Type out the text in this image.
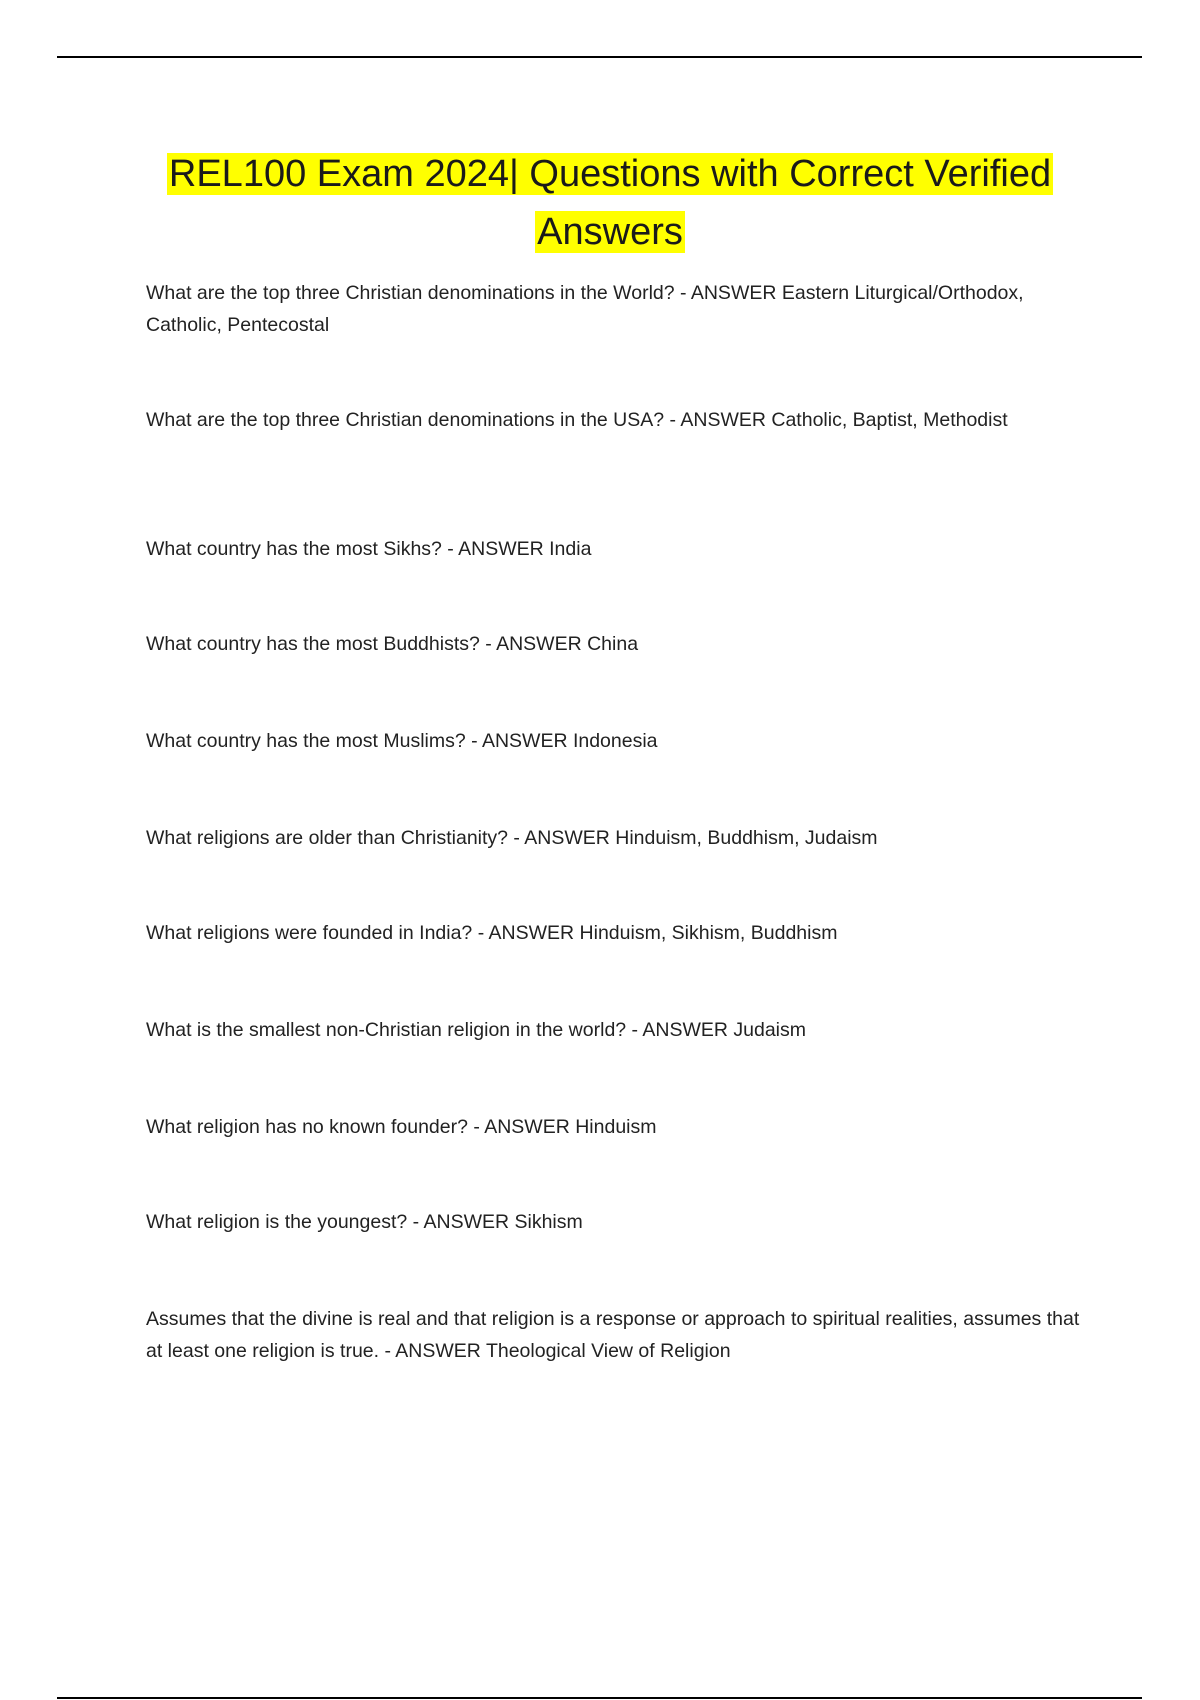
REL100 Exam 2024| Questions with Correct Verified Answers

What are the top three Christian denominations in the World? - ANSWER Eastern Liturgical/Orthodox, Catholic, Pentecostal

What are the top three Christian denominations in the USA? - ANSWER Catholic, Baptist, Methodist

What country has the most Sikhs? - ANSWER India

What country has the most Buddhists? - ANSWER China

What country has the most Muslims? - ANSWER Indonesia

What religions are older than Christianity? - ANSWER Hinduism, Buddhism, Judaism

What religions were founded in India? - ANSWER Hinduism, Sikhism, Buddhism

What is the smallest non-Christian religion in the world? - ANSWER Judaism

What religion has no known founder? - ANSWER Hinduism

What religion is the youngest? - ANSWER Sikhism

Assumes that the divine is real and that religion is a response or approach to spiritual realities, assumes that at least one religion is true. - ANSWER Theological View of Religion
